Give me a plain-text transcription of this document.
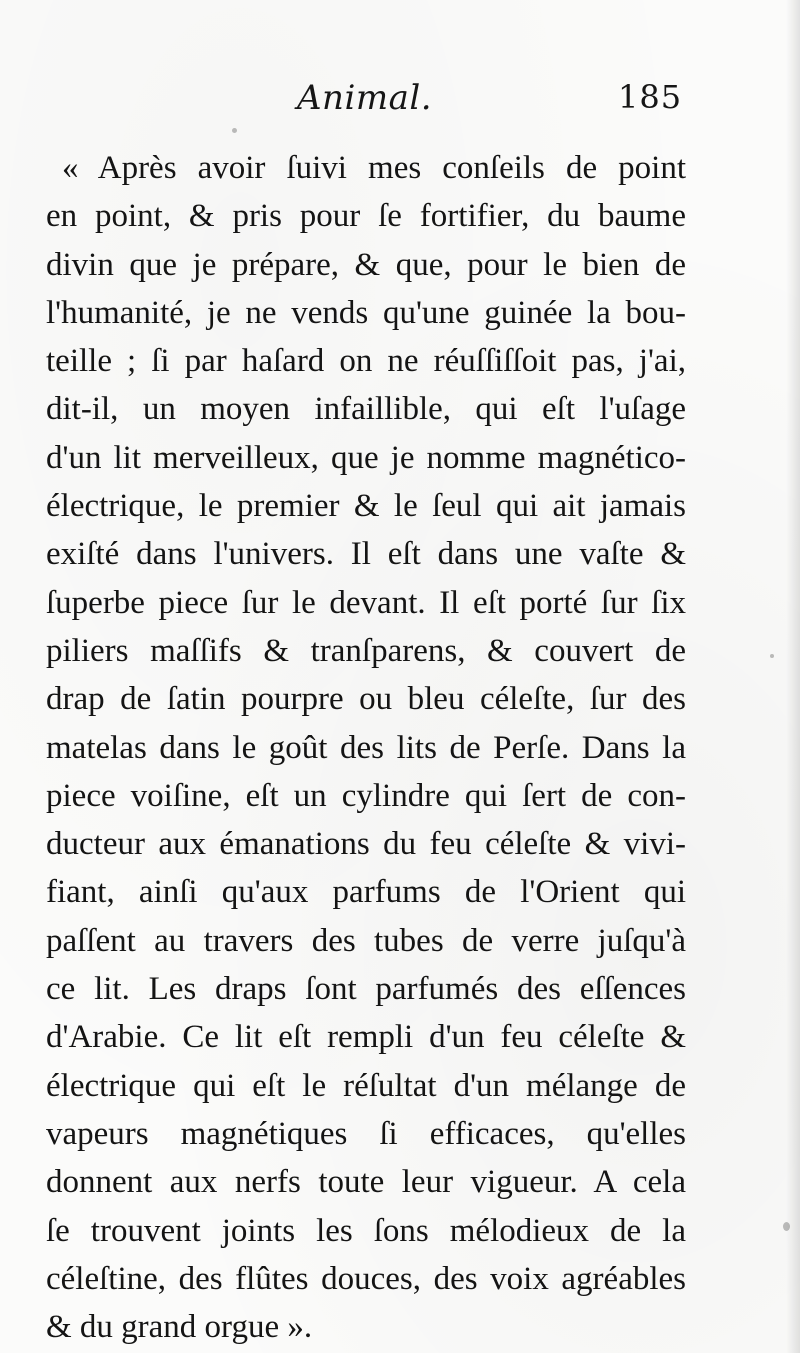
Animal.	185
« Après avoir ſuivi mes conſeils de point
en point, & pris pour ſe fortifier, du baume
divin que je prépare, & que, pour le bien de
l'humanité, je ne vends qu'une guinée la bou-
teille ; ſi par haſard on ne réuſſiſſoit pas, j'ai,
dit-il, un moyen infaillible, qui eſt l'uſage
d'un lit merveilleux, que je nomme magnético-
électrique, le premier & le ſeul qui ait jamais
exiſté dans l'univers. Il eſt dans une vaſte &
ſuperbe piece ſur le devant. Il eſt porté ſur ſix
piliers maſſifs & tranſparens, & couvert de
drap de ſatin pourpre ou bleu céleſte, ſur des
matelas dans le goût des lits de Perſe. Dans la
piece voiſine, eſt un cylindre qui ſert de con-
ducteur aux émanations du feu céleſte & vivi-
fiant, ainſi qu'aux parfums de l'Orient qui
paſſent au travers des tubes de verre juſqu'à
ce lit. Les draps ſont parfumés des eſſences
d'Arabie. Ce lit eſt rempli d'un feu céleſte &
électrique qui eſt le réſultat d'un mélange de
vapeurs magnétiques ſi efficaces, qu'elles
donnent aux nerfs toute leur vigueur. A cela
ſe trouvent joints les ſons mélodieux de la
céleſtine, des flûtes douces, des voix agréables
& du grand orgue ».
